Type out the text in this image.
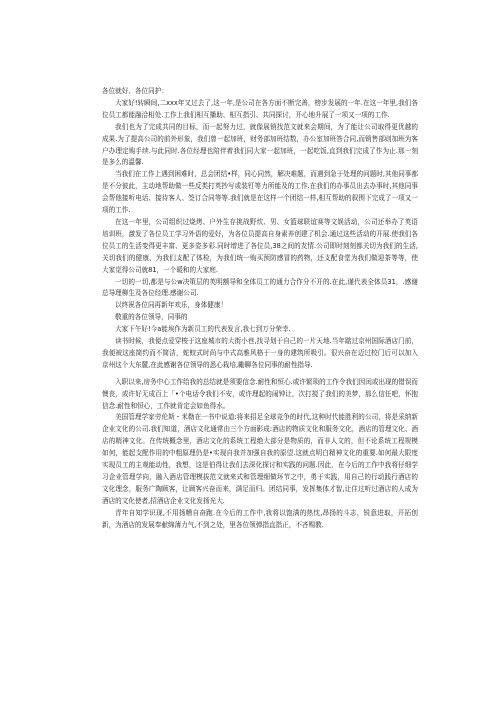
各位就好、各位同护：

大家好!转瞬间,二xxx年又过去了,这一年,是公司在各方面不断完善，榜步发展的一年.在这一年里,我们各位员工都能融洽相处.工作上我们相互播助、相互指引、共同探讨，开心地升展了一项又一项的工作.

我们也为了完成共同的目标，而一起努力过，就像展销找范文就来会期间，为了能让公司取得更优越的成果.为了提高公司的前外形象，我们曾一起加班，财务部加班结数，办公室加班答合同,而销售部则加班为客户办理定购手续.与此同时.各位经理也陪伴着我们同大家一起加班，一起吃饭,直到我们完成了作为止.那一刻是多么的温馨.

当我们在工作上遇到困难时，总会团结•样，同心同然，解决难题，而遇到急于处理的问题时,其他同事都是不分彼此，主动地帮助做一些反类打英抄写或装钉等力所能及的工作.在我们的办事员出去办事时,其他同事会帮他接听电话、接待客人、签订合同等等.我们就是在这样一个团结一样,相互帮助的叙围下完成了一项又一项的工作.

在这一年里，公司组织过烧烤、户外生存挑战野炊、男、女篮球联谊赛等文娱活动，公司还举办了英语培训班，激发了各位员工学习外语的爱好，为各位员提高自身素养创建了机会.通过这些活动的开展.使我们各位员工的生活变得更丰富、更多姿多彩.同时增进了各位员,38之间的友情.公司即时刻刻都关切为我们的生活,关切我们的健康，为我们支配了体检，为我们统一购买预防感冒的药物，还支配食堂为我们做迎茶等等，使大家觉得公司就81，一个暖和的大家庭.

一切的一切,都是与公w决策层的英明额导和全体员工的通力合作分不开的.在此,谨代表全体员31，.感谢总导理柳生及各位经理.感谢公司.

以终祝各位同再新年欢乐，身体健康！

敬重的各位领导，同事的

大家下午好!今a能埃作为新员工的代表发言,我七到万分荣幸.

读书时候，我便点爱穿梭于这座城市的大街小巷,找寻划于自己的一片天地.当年踮过京州国际酒店门前，我便被这座简约而不简洁，蛇蛟式时尚与中式高雅风格于一身的建筑所吸引。很兴奋在迈过校门后可以加入京州这个大东麓,在此感谢各位领导的悉心栽培,勵聊各位同事的耐性指导.

入职以来,房务中心工作给我的总结就是须要信念.耐性和恒心.或许繁琐的工作令我们因闰或出现的错误而懊丧，或许好无成百上「•个电话令我们不安，或许理起的闹钟让，次打搅了我们的美梦，那么信任吧，怀抱信念.耐性和恒心，工作就肯定会如鱼得水。

美国管理学家劳伦斯・米勒在一书中说道:将来招足全球竞争的时代,这种时代能胜利的公司，将是采纳新企业文化的公司.我们知道，酒店文化通常由三个方面影成:酒店的物质文化和服务文化，酒店的管理文化、酒店的精神文化。在传统概念里，酒店文化的系统工程绝大部分是物质的，而非人文的，但不论系统工程规模如何，能起支配作用的中粗原理仍是•实现自我并加强自我的原望.这就点明白精神文化的重要.如何最大限度实现员工的主观能动性，我想，这是伯得让我们去深化探讨和实践的问题.因此，在今后的工作中我将仔细学习企业管理学向，融入酒店管理模拔范文就来式和管理细做环节之中，勇于实践，用自己的行动践行酒店的文化理念，服务广陶顾客，让顾客兴奋而来，满足而归。团结同事，发挥集体才智,让住过听过酒店的人成为酒店的文化使者,招酒店企业文化发扬光大.

青年自知学识现,不用扬糟自奋跑.在今后的工作中,我将以饱满的热忱,昂扬的斗志，锐意进取，开拓创新，为酒店的发展奉献绵薄力气,不到之处，里各位领弹指直指正，不吝赐教.
